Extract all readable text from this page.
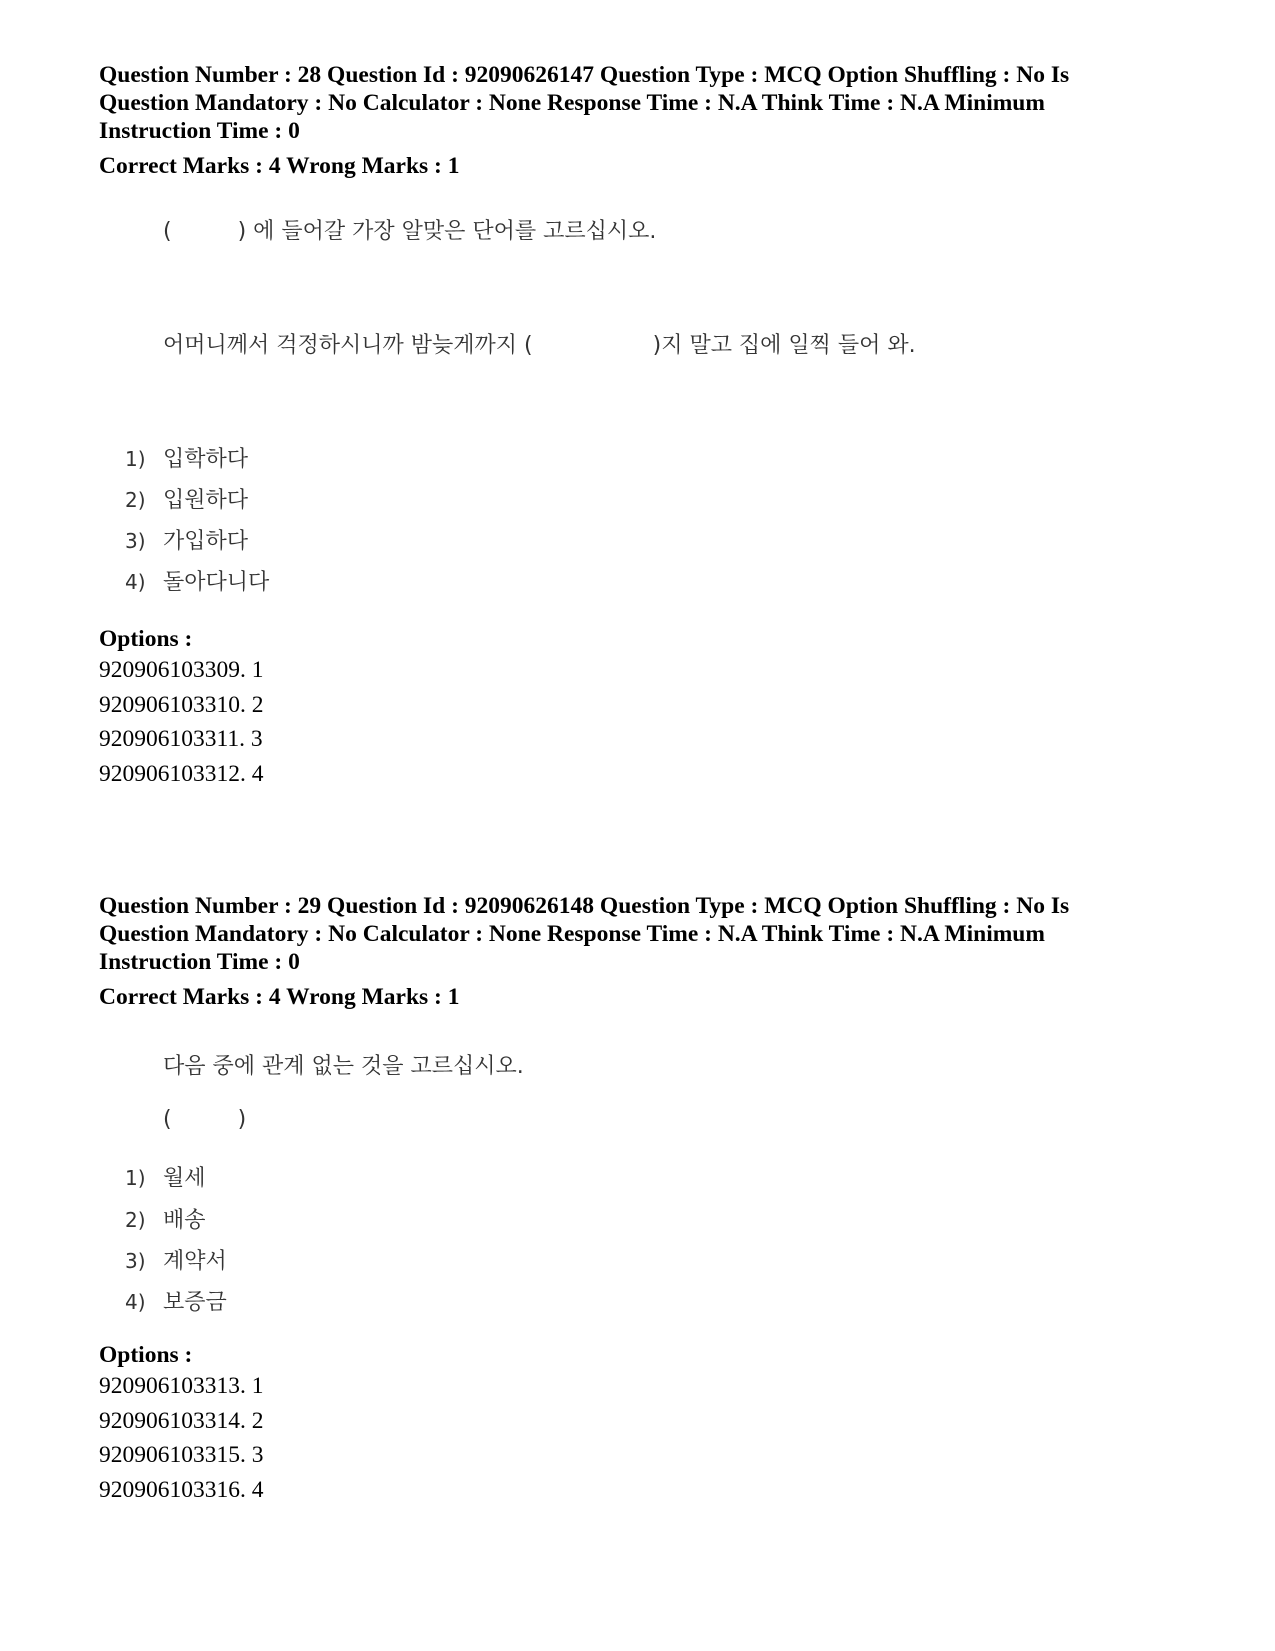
Question Number : 28 Question Id : 92090626147 Question Type : MCQ Option Shuffling : No Is
Question Mandatory : No Calculator : None Response Time : N.A Think Time : N.A Minimum
Instruction Time : 0
Correct Marks : 4 Wrong Marks : 1
(	) 에 들어갈 가장 알맞은 단어를 고르십시오.
어머니께서 걱정하시니까 밤늦게까지 (	)지 말고 집에 일찍 들어 와.
1) 입학하다
2) 입원하다
3) 가입하다
4) 돌아다니다
Options :
920906103309. 1
920906103310. 2
920906103311. 3
920906103312. 4
Question Number : 29 Question Id : 92090626148 Question Type : MCQ Option Shuffling : No Is
Question Mandatory : No Calculator : None Response Time : N.A Think Time : N.A Minimum
Instruction Time : 0
Correct Marks : 4 Wrong Marks : 1
다음 중에 관계 없는 것을 고르십시오.
(	)
1) 월세
2) 배송
3) 계약서
4) 보증금
Options :
920906103313. 1
920906103314. 2
920906103315. 3
920906103316. 4
